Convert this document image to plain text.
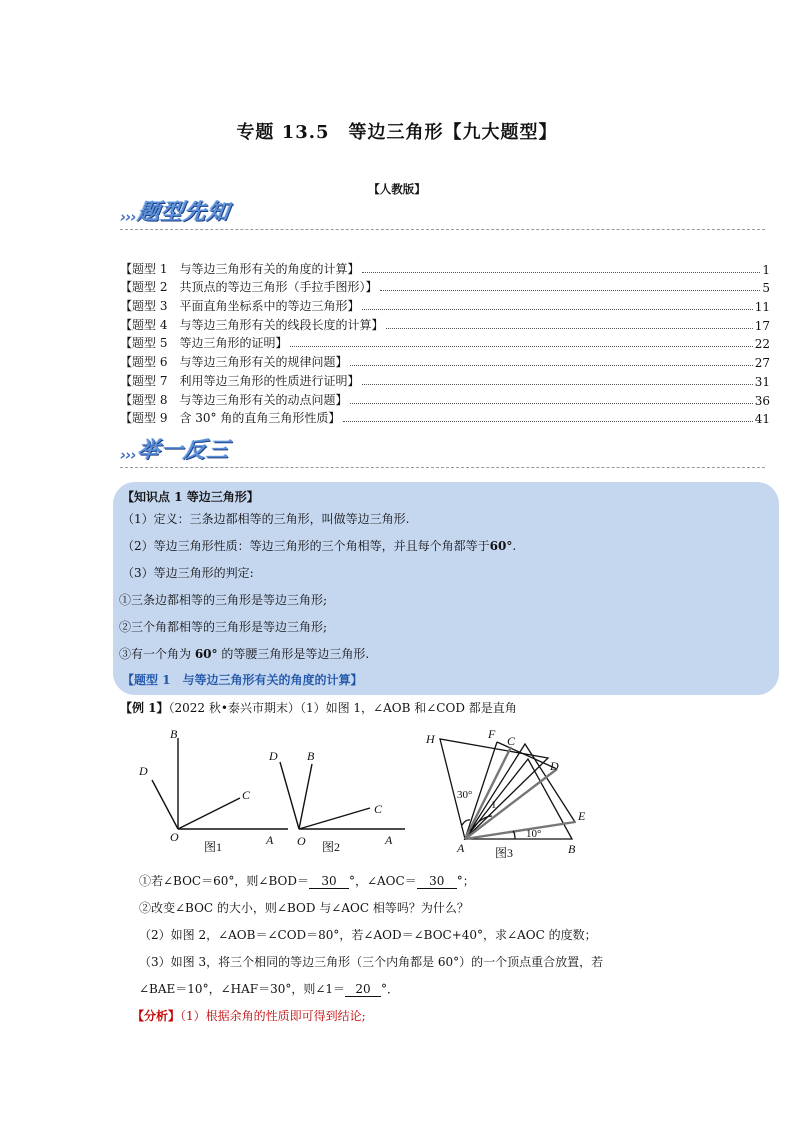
专题 13.5　等边三角形【九大题型】
【人教版】
››› 题型先知
【题型 1　与等边三角形有关的角度的计算】	1
【题型 2　共顶点的等边三角形（手拉手图形）】	5
【题型 3　平面直角坐标系中的等边三角形】	11
【题型 4　与等边三角形有关的线段长度的计算】	17
【题型 5　等边三角形的证明】	22
【题型 6　与等边三角形有关的规律问题】	27
【题型 7　利用等边三角形的性质进行证明】	31
【题型 8　与等边三角形有关的动点问题】	36
【题型 9　含 30° 角的直角三角形性质】	41
››› 举一反三
【知识点 1 等边三角形】
（1）定义：三条边都相等的三角形，叫做等边三角形.
（2）等边三角形性质：等边三角形的三个角相等，并且每个角都等于60°.
（3）等边三角形的判定:
①三条边都相等的三角形是等边三角形;
②三个角都相等的三角形是等边三角形;
③有一个角为 60° 的等腰三角形是等边三角形.
【题型 1　与等边三角形有关的角度的计算】
【例 1】（2022 秋•泰兴市期末）（1）如图 1，∠AOB 和∠COD 都是直角
B
D
C
O	A
图1
D B
C
O	A
图2
H	F C
D
E
A	B
30°
1
10°
图3
①若∠BOC＝60°，则∠BOD＝ 30 °，∠AOC＝ 30 °；
②改变∠BOC 的大小，则∠BOD 与∠AOC 相等吗？为什么？
（2）如图 2，∠AOB＝∠COD＝80°，若∠AOD＝∠BOC+40°，求∠AOC 的度数；
（3）如图 3，将三个相同的等边三角形（三个内角都是 60°）的一个顶点重合放置，若
∠BAE＝10°，∠HAF＝30°，则∠1＝ 20 °．
【分析】（1）根据余角的性质即可得到结论;
